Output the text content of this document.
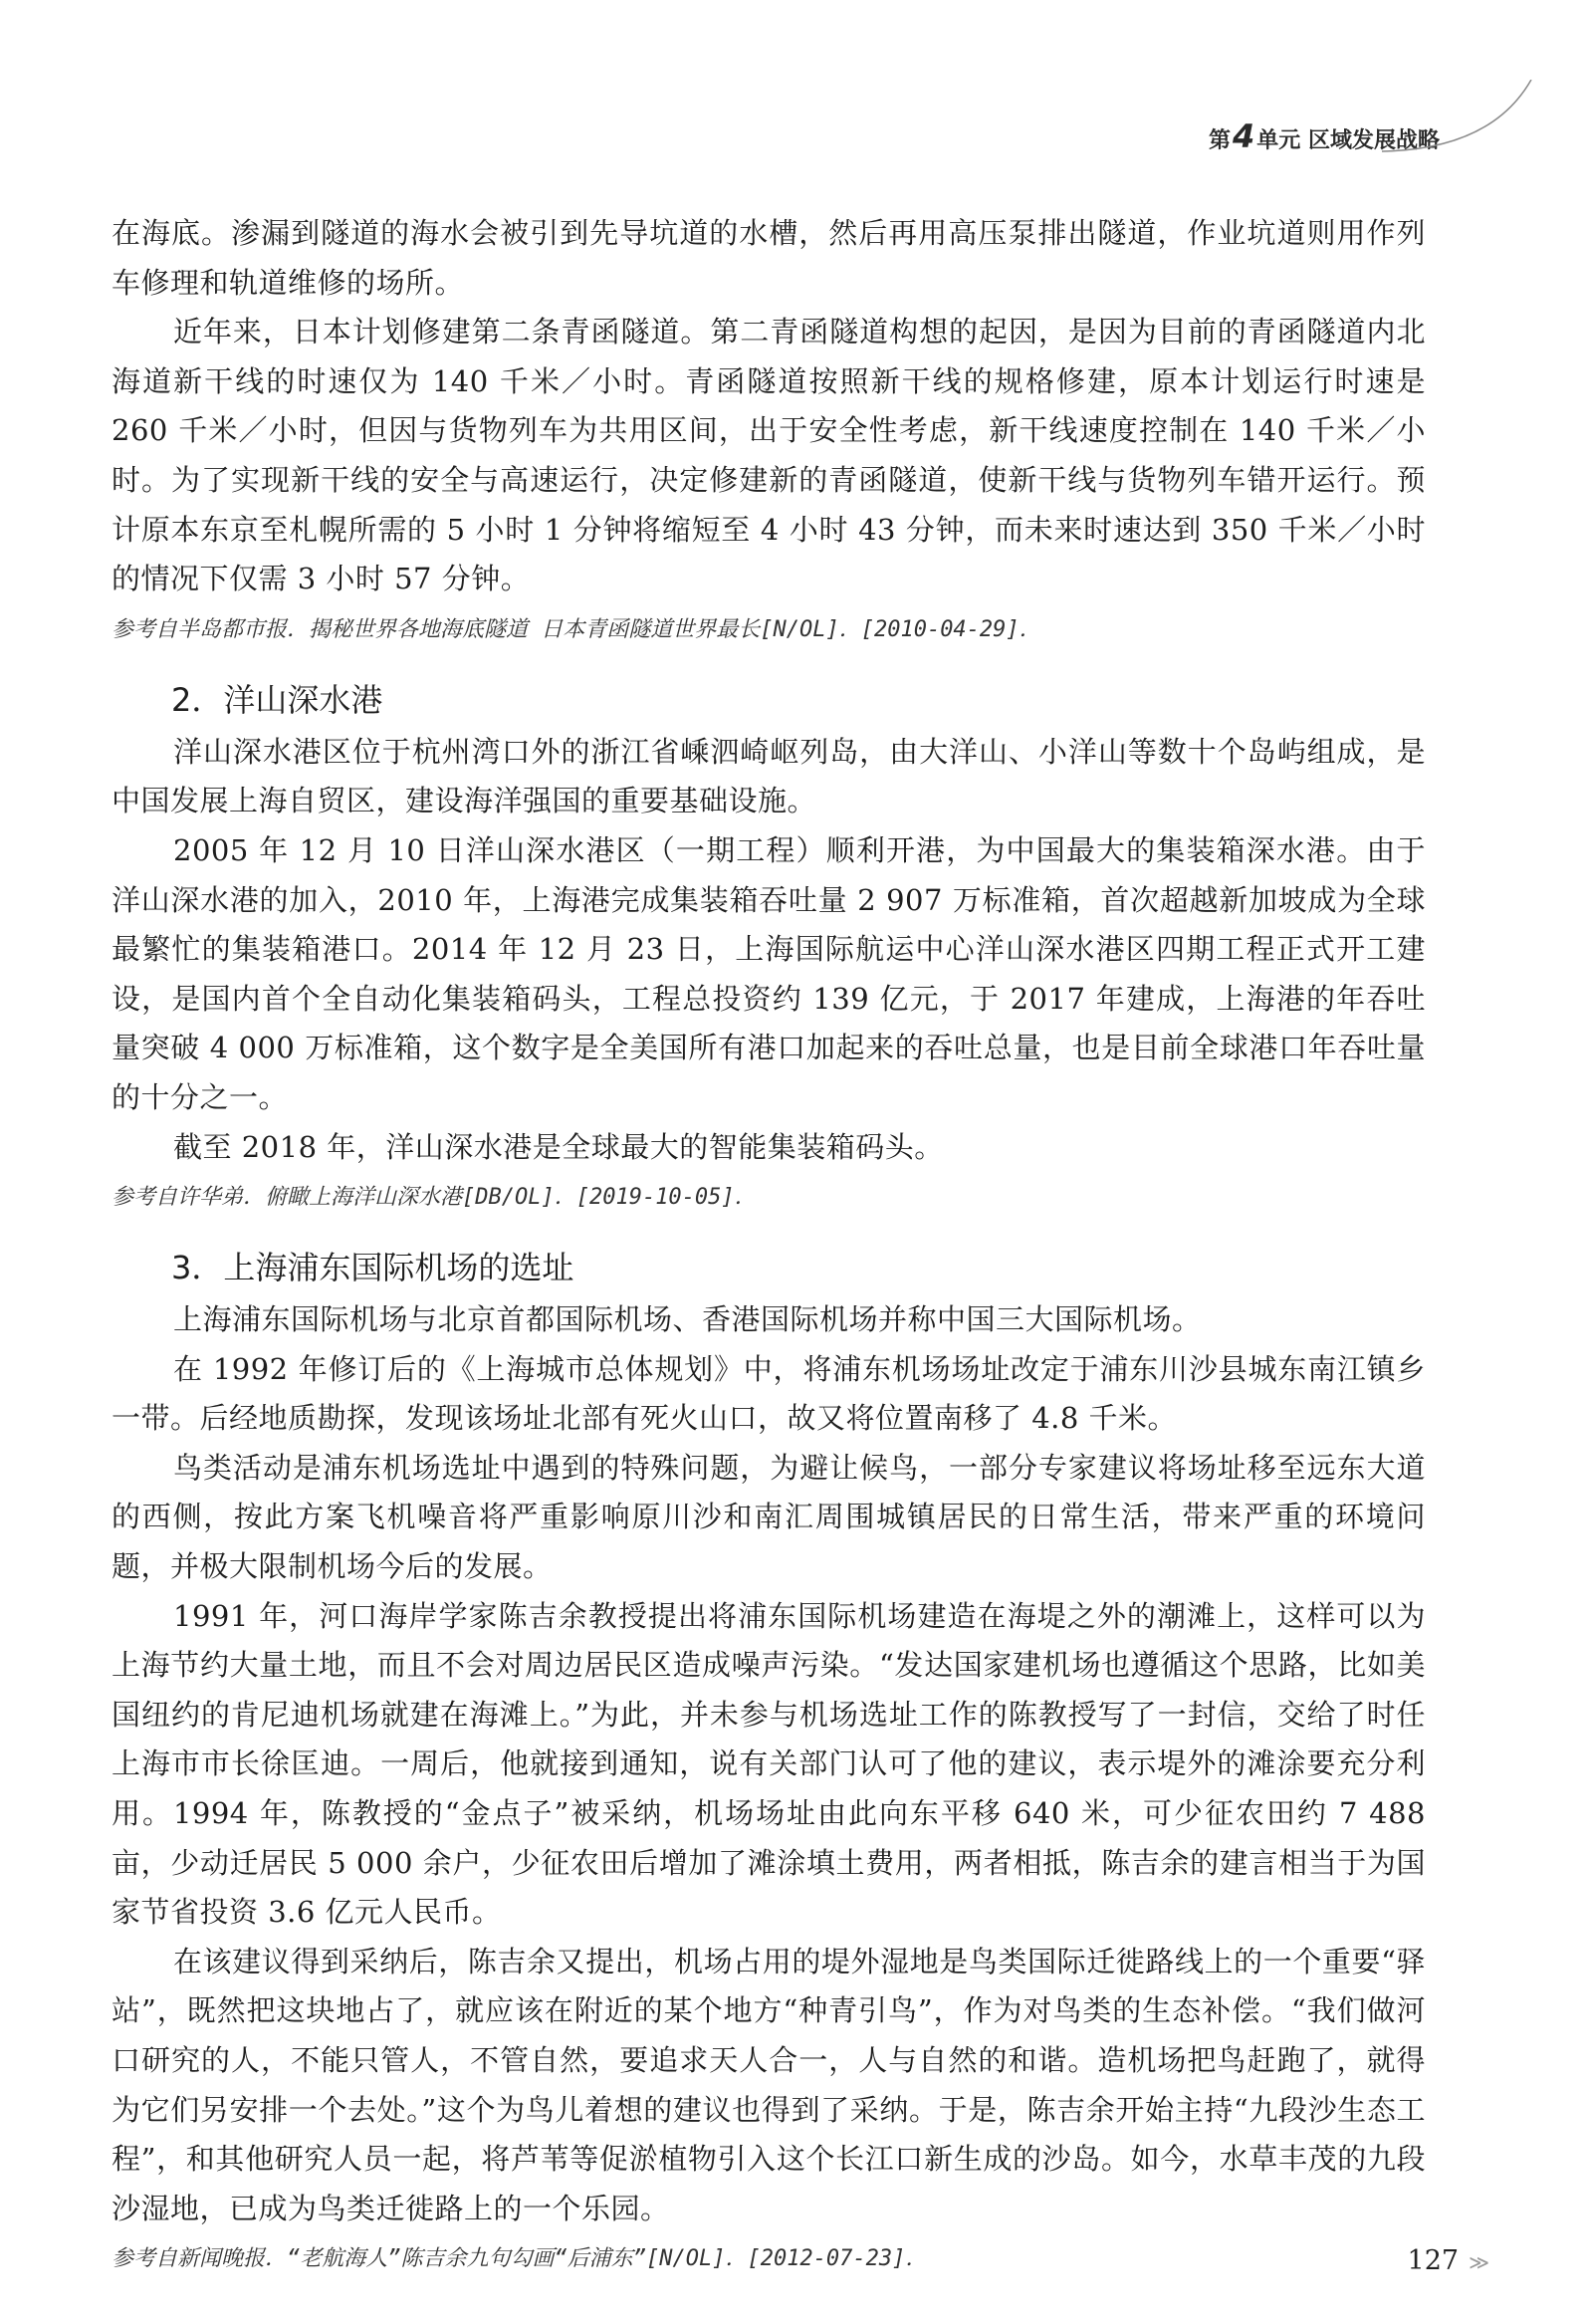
第4单元 区域发展战略

在海底。渗漏到隧道的海水会被引到先导坑道的水槽，然后再用高压泵排出隧道，作业坑道则用作列车修理和轨道维修的场所。

近年来，日本计划修建第二条青函隧道。第二青函隧道构想的起因，是因为目前的青函隧道内北海道新干线的时速仅为 140 千米／小时。青函隧道按照新干线的规格修建，原本计划运行时速是 260 千米／小时，但因与货物列车为共用区间，出于安全性考虑，新干线速度控制在 140 千米／小时。为了实现新干线的安全与高速运行，决定修建新的青函隧道，使新干线与货物列车错开运行。预计原本东京至札幌所需的 5 小时 1 分钟将缩短至 4 小时 43 分钟，而未来时速达到 350 千米／小时的情况下仅需 3 小时 57 分钟。

参考自半岛都市报．揭秘世界各地海底隧道 日本青函隧道世界最长[N/OL]．[2010-04-29]．
2．洋山深水港

洋山深水港区位于杭州湾口外的浙江省嵊泗崎岖列岛，由大洋山、小洋山等数十个岛屿组成，是中国发展上海自贸区，建设海洋强国的重要基础设施。

2005 年 12 月 10 日洋山深水港区（一期工程）顺利开港，为中国最大的集装箱深水港。由于洋山深水港的加入，2010 年，上海港完成集装箱吞吐量 2 907 万标准箱，首次超越新加坡成为全球最繁忙的集装箱港口。2014 年 12 月 23 日，上海国际航运中心洋山深水港区四期工程正式开工建设，是国内首个全自动化集装箱码头，工程总投资约 139 亿元，于 2017 年建成，上海港的年吞吐量突破 4 000 万标准箱，这个数字是全美国所有港口加起来的吞吐总量，也是目前全球港口年吞吐量的十分之一。

截至 2018 年，洋山深水港是全球最大的智能集装箱码头。

参考自许华弟．俯瞰上海洋山深水港[DB/OL]．[2019-10-05]．
3．上海浦东国际机场的选址

上海浦东国际机场与北京首都国际机场、香港国际机场并称中国三大国际机场。

在 1992 年修订后的《上海城市总体规划》中，将浦东机场场址改定于浦东川沙县城东南江镇乡一带。后经地质勘探，发现该场址北部有死火山口，故又将位置南移了 4.8 千米。

鸟类活动是浦东机场选址中遇到的特殊问题，为避让候鸟，一部分专家建议将场址移至远东大道的西侧，按此方案飞机噪音将严重影响原川沙和南汇周围城镇居民的日常生活，带来严重的环境问题，并极大限制机场今后的发展。

1991 年，河口海岸学家陈吉余教授提出将浦东国际机场建造在海堤之外的潮滩上，这样可以为上海节约大量土地，而且不会对周边居民区造成噪声污染。“发达国家建机场也遵循这个思路，比如美国纽约的肯尼迪机场就建在海滩上。”为此，并未参与机场选址工作的陈教授写了一封信，交给了时任上海市市长徐匡迪。一周后，他就接到通知，说有关部门认可了他的建议，表示堤外的滩涂要充分利用。1994 年，陈教授的“金点子”被采纳，机场场址由此向东平移 640 米，可少征农田约 7 488 亩，少动迁居民 5 000 余户，少征农田后增加了滩涂填土费用，两者相抵，陈吉余的建言相当于为国家节省投资 3.6 亿元人民币。

在该建议得到采纳后，陈吉余又提出，机场占用的堤外湿地是鸟类国际迁徙路线上的一个重要“驿站”，既然把这块地占了，就应该在附近的某个地方“种青引鸟”，作为对鸟类的生态补偿。“我们做河口研究的人，不能只管人，不管自然，要追求天人合一，人与自然的和谐。造机场把鸟赶跑了，就得为它们另安排一个去处。”这个为鸟儿着想的建议也得到了采纳。于是，陈吉余开始主持“九段沙生态工程”，和其他研究人员一起，将芦苇等促淤植物引入这个长江口新生成的沙岛。如今，水草丰茂的九段沙湿地，已成为鸟类迁徙路上的一个乐园。

参考自新闻晚报．“老航海人”陈吉余九句勾画“后浦东”[N/OL]．[2012-07-23]．	127 ≫
